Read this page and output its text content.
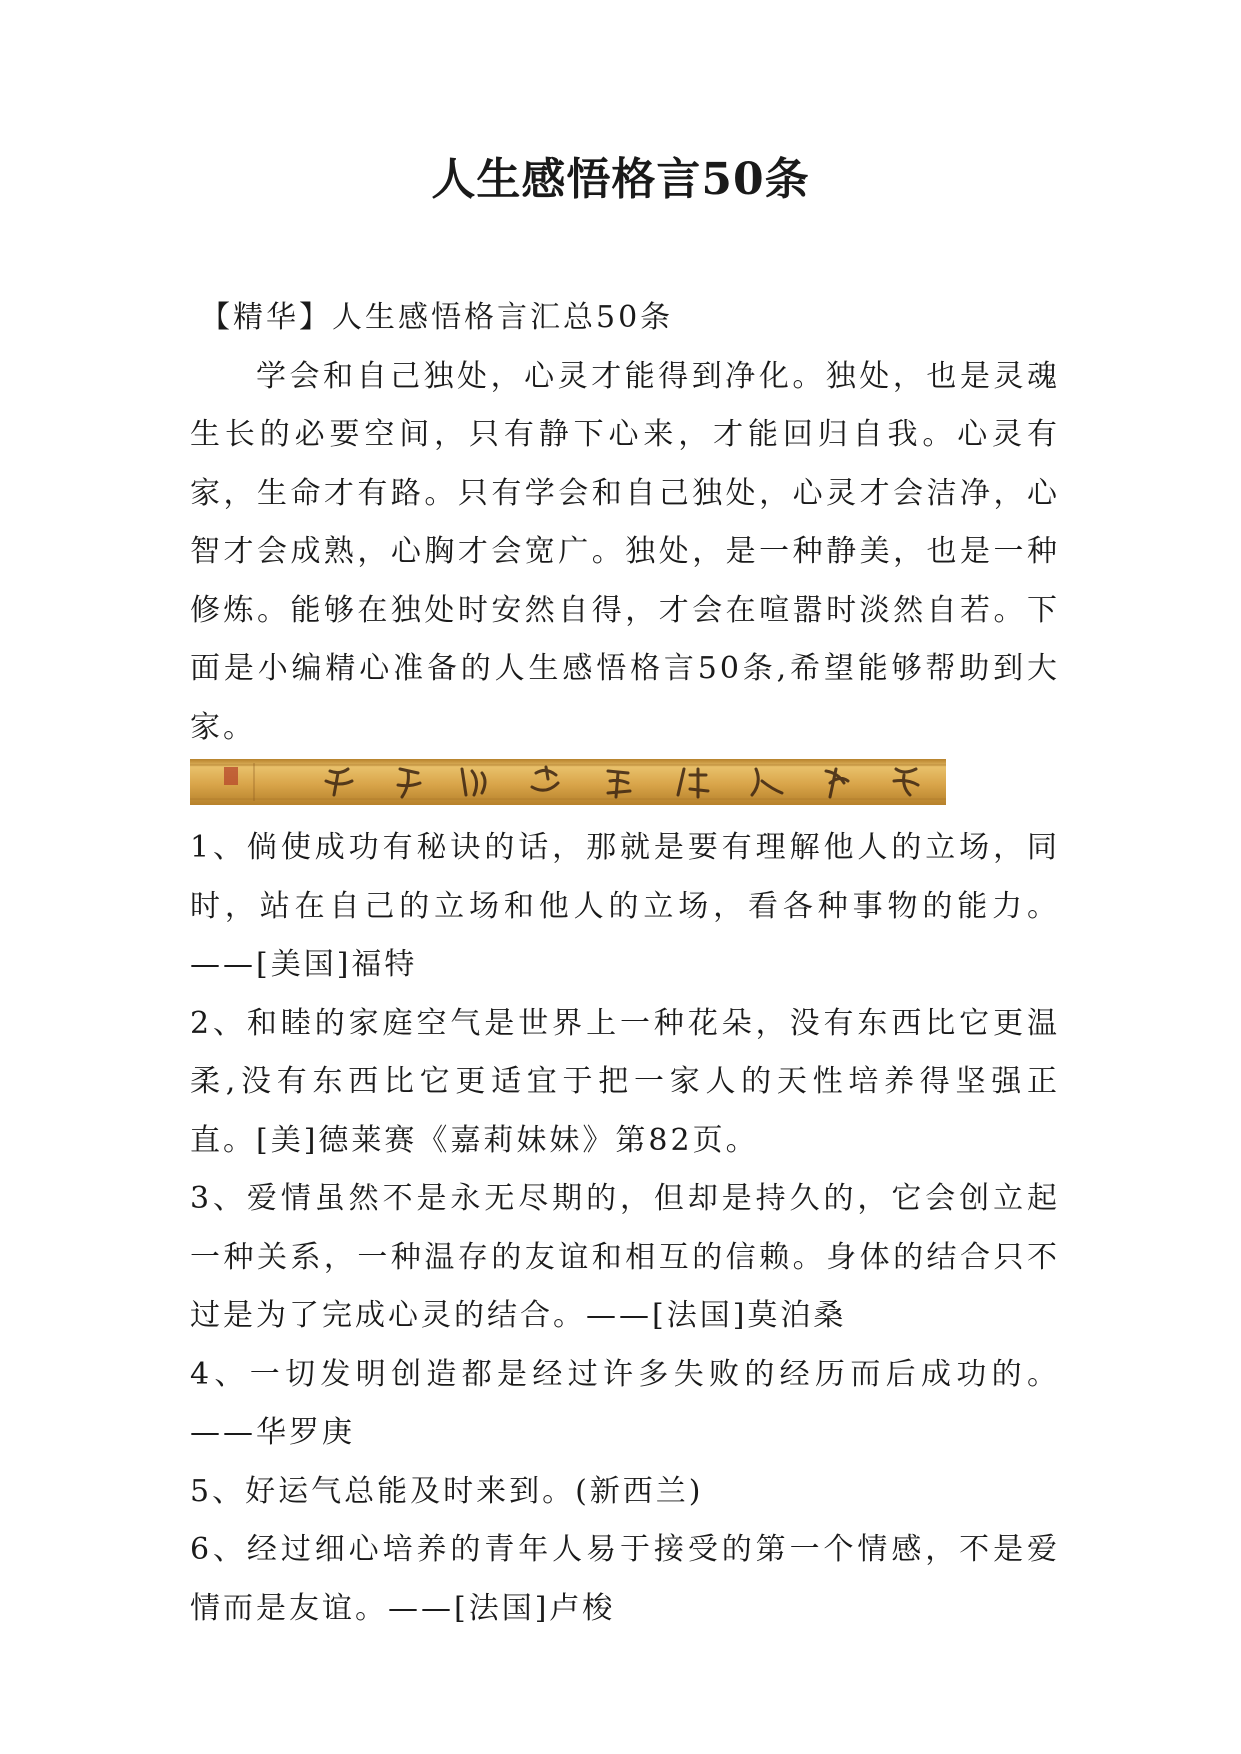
人生感悟格言50条

【精华】人生感悟格言汇总50条

学会和自己独处，心灵才能得到净化。独处，也是灵魂生长的必要空间，只有静下心来，才能回归自我。心灵有家，生命才有路。只有学会和自己独处，心灵才会洁净，心智才会成熟，心胸才会宽广。独处，是一种静美，也是一种修炼。能够在独处时安然自得，才会在喧嚣时淡然自若。下面是小编精心准备的人生感悟格言50条,希望能够帮助到大家。

1、倘使成功有秘诀的话，那就是要有理解他人的立场，同时，站在自己的立场和他人的立场，看各种事物的能力。——[美国]福特

2、和睦的家庭空气是世界上一种花朵，没有东西比它更温柔,没有东西比它更适宜于把一家人的天性培养得坚强正直。[美]德莱赛《嘉莉妹妹》第82页。

3、爱情虽然不是永无尽期的，但却是持久的，它会创立起一种关系，一种温存的友谊和相互的信赖。身体的结合只不过是为了完成心灵的结合。——[法国]莫泊桑

4、一切发明创造都是经过许多失败的经历而后成功的。——华罗庚

5、好运气总能及时来到。(新西兰)

6、经过细心培养的青年人易于接受的第一个情感，不是爱情而是友谊。——[法国]卢梭
